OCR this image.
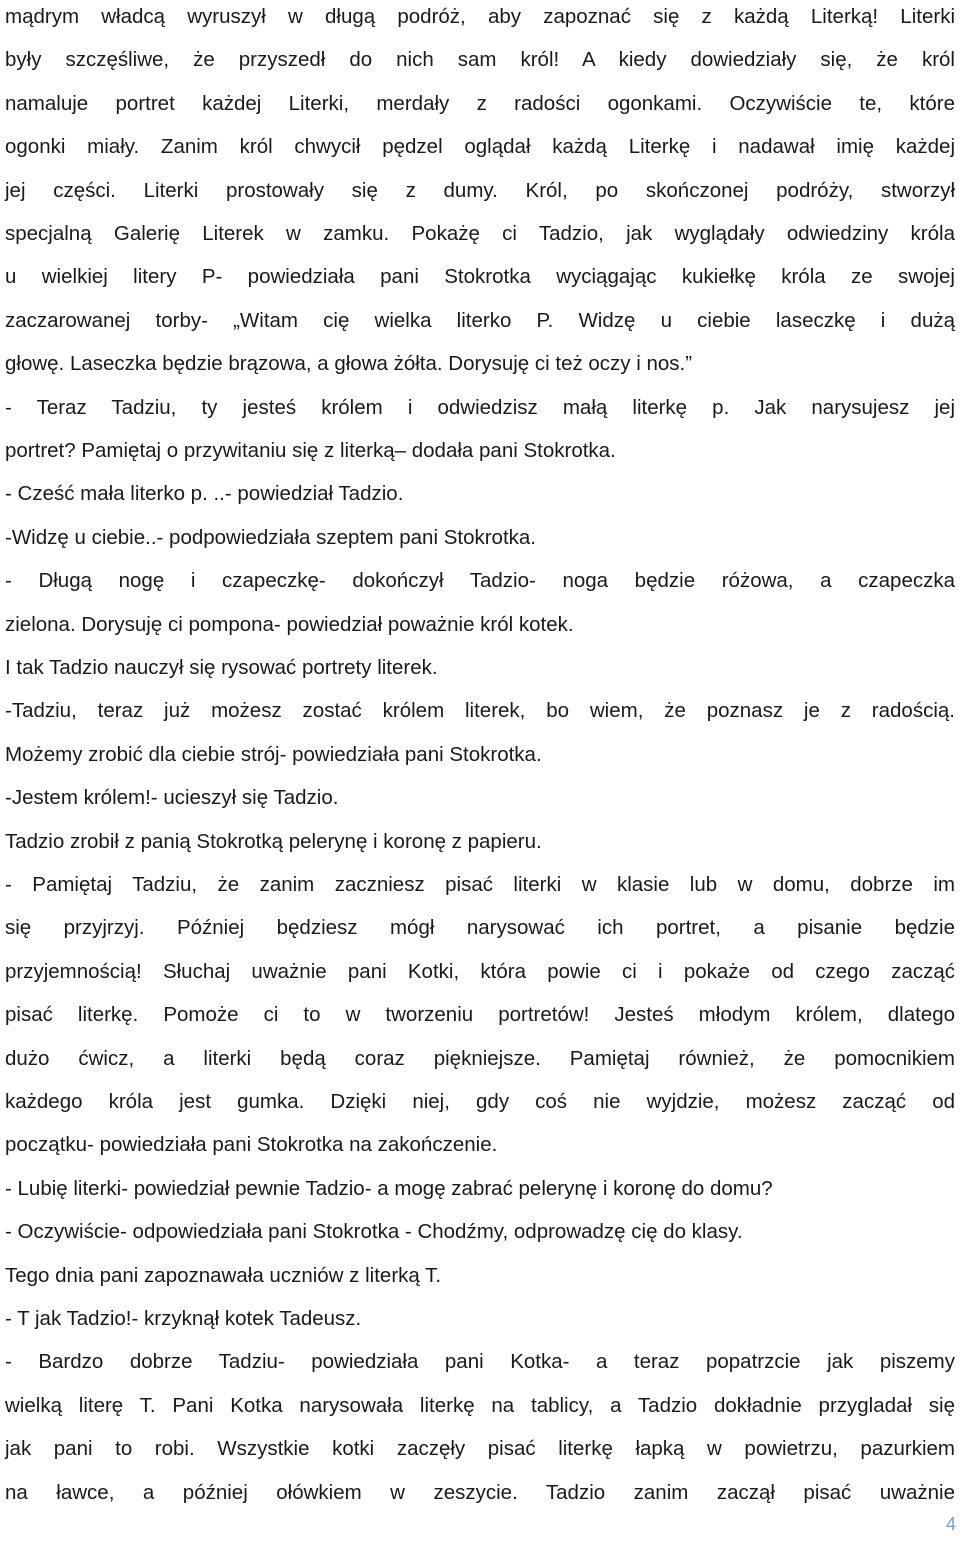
mądrym władcą wyruszył w długą podróż, aby zapoznać się z każdą Literką! Literki
były szczęśliwe, że przyszedł do nich sam król! A kiedy dowiedziały się, że król
namaluje portret każdej Literki, merdały z radości ogonkami. Oczywiście te, które
ogonki miały. Zanim król chwycił pędzel oglądał każdą Literkę i nadawał imię każdej
jej części. Literki prostowały się z dumy. Król, po skończonej podróży, stworzył
specjalną Galerię Literek w zamku. Pokażę ci Tadzio, jak wyglądały odwiedziny króla
u wielkiej litery P- powiedziała pani Stokrotka wyciągając kukiełkę króla ze swojej
zaczarowanej torby- „Witam cię wielka literko P. Widzę u ciebie laseczkę i dużą
głowę. Laseczka będzie brązowa, a głowa żółta. Dorysuję ci też oczy i nos.”
- Teraz Tadziu, ty jesteś królem i odwiedzisz małą literkę p. Jak narysujesz jej
portret? Pamiętaj o przywitaniu się z literką– dodała pani Stokrotka.
- Cześć mała literko p. ..- powiedział Tadzio.
-Widzę u ciebie..- podpowiedziała szeptem pani Stokrotka.
- Długą nogę i czapeczkę- dokończył Tadzio- noga będzie różowa, a czapeczka
zielona. Dorysuję ci pompona- powiedział poważnie król kotek.
I tak Tadzio nauczył się rysować portrety literek.
-Tadziu, teraz już możesz zostać królem literek, bo wiem, że poznasz je z radością.
Możemy zrobić dla ciebie strój- powiedziała pani Stokrotka.
-Jestem królem!- ucieszył się Tadzio.
Tadzio zrobił z panią Stokrotką pelerynę i koronę z papieru.
- Pamiętaj Tadziu, że zanim zaczniesz pisać literki w klasie lub w domu, dobrze im
się przyjrzyj. Później będziesz mógł narysować ich portret, a pisanie będzie
przyjemnością! Słuchaj uważnie pani Kotki, która powie ci i pokaże od czego zacząć
pisać literkę. Pomoże ci to w tworzeniu portretów! Jesteś młodym królem, dlatego
dużo ćwicz, a literki będą coraz piękniejsze. Pamiętaj również, że pomocnikiem
każdego króla jest gumka. Dzięki niej, gdy coś nie wyjdzie, możesz zacząć od
początku- powiedziała pani Stokrotka na zakończenie.
- Lubię literki- powiedział pewnie Tadzio- a mogę zabrać pelerynę i koronę do domu?
- Oczywiście- odpowiedziała pani Stokrotka - Chodźmy, odprowadzę cię do klasy.
Tego dnia pani zapoznawała uczniów z literką T.
- T jak Tadzio!- krzyknął kotek Tadeusz.
- Bardzo dobrze Tadziu- powiedziała pani Kotka- a teraz popatrzcie jak piszemy
wielką literę T. Pani Kotka narysowała literkę na tablicy, a Tadzio dokładnie przygladał się
jak pani to robi. Wszystkie kotki zaczęły pisać literkę łapką w powietrzu, pazurkiem
na ławce, a później ołówkiem w zeszycie. Tadzio zanim zaczął pisać uważnie
4
